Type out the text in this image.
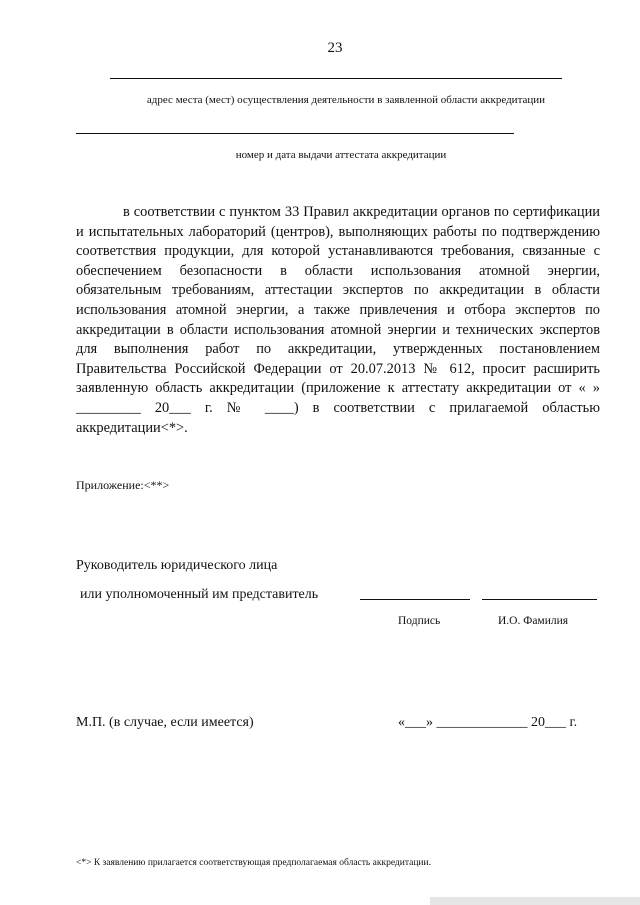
23
адрес места (мест) осуществления деятельности в заявленной области аккредитации
номер и дата выдачи аттестата аккредитации

в соответствии с пунктом 33 Правил аккредитации органов по сертификации и испытательных лабораторий (центров), выполняющих работы по подтверждению соответствия продукции, для которой устанавливаются требования, связанные с обеспечением безопасности в области использования атомной энергии, обязательным требованиям, аттестации экспертов по аккредитации в области использования атомной энергии, а также привлечения и отбора экспертов по аккредитации в области использования атомной энергии и технических экспертов для выполнения работ по аккредитации, утвержденных постановлением Правительства Российской Федерации от 20.07.2013 № 612, просит расширить заявленную область аккредитации (приложение к аттестату аккредитации от « » _________ 20___ г. № ____) в соответствии с прилагаемой областью аккредитации<*>.

Приложение:<**>
Руководитель юридического лица
или уполномоченный им представитель
Подпись	И.О. Фамилия
М.П. (в случае, если имеется)	«___» _____________ 20___ г.
<*> К заявлению прилагается соответствующая предполагаемая область аккредитации.
